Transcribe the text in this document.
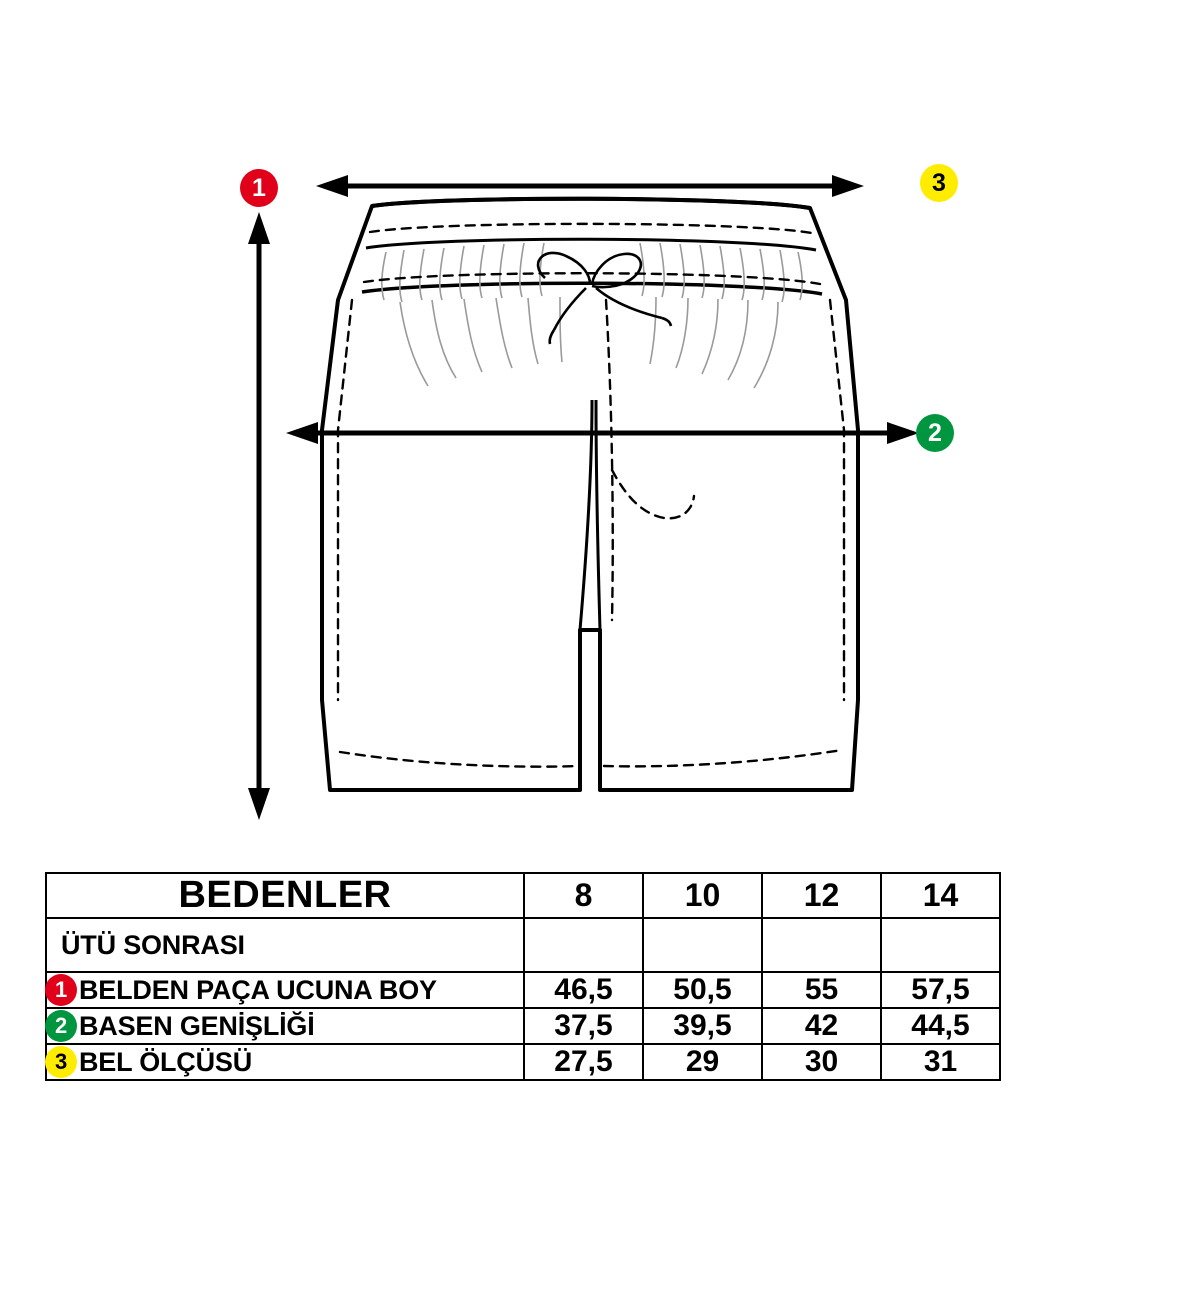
1
2
3
BEDENLER	8	10	12	14
ÜTÜ SONRASI				

1 BELDEN PAÇA UCUNA BOY	46,5	50,5	55	57,5

2 BASEN GENİŞLİĞİ	37,5	39,5	42	44,5

3 BEL ÖLÇÜSÜ	27,5	29	30	31
